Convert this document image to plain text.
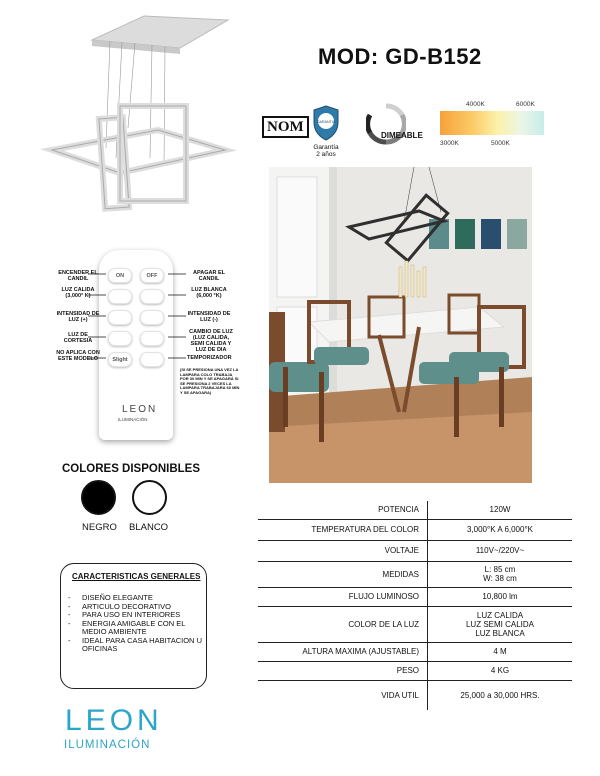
MOD: GD-B152
NOM	GARANTIA
Garantía 2 años
DIMEABLE
4000K	6000K
3000K	5000K
ON	OFF
Slight
LEON
ILUMINACIÓN
ENCENDER EL CANDIL
LUZ CALIDA (3,000° K)
INTENSIDAD DE LUZ (+)
LUZ DE CORTESIA
NO APLICA CON ESTE MODELO
APAGAR EL CANDIL
LUZ BLANCA (6,000 °K)
INTENSIDAD DE LUZ (-)
CAMBIO DE LUZ (LUZ CALIDA, SEMI CALIDA Y LUZ DE DIA
TEMPORIZADOR
(SI SE PRESIONA UNA VEZ LA LAMPARA COLO TRABAJA POR 30 MIN Y SE APAGARÁ SI SE PRESIONA 2 VECES LA LAMPARA TRABAJARA 60 MIN Y SE APAGARA)
COLORES DISPONIBLES
NEGRO BLANCO
CARACTERISTICAS GENERALES
-	DISEÑO ELEGANTE
-	ARTICULO DECORATIVO
-	PARA USO EN INTERIORES
-	ENERGIA AMIGABLE CON EL MEDIO AMBIENTE
-	IDEAL PARA CASA HABITACION U OFICINAS
POTENCIA	120W
TEMPERATURA DEL COLOR	3,000°K A 6,000°K
VOLTAJE	110V~/220V~
MEDIDAS	L: 85 cm
W: 38 cm
FLUJO LUMINOSO	10,800 lm
COLOR DE LA LUZ	LUZ CALIDA
LUZ SEMI CALIDA
LUZ BLANCA
ALTURA MAXIMA (AJUSTABLE)	4 M
PESO	4 KG
VIDA UTIL	25,000 a 30,000 HRS.
LEON
ILUMINACIÓN
